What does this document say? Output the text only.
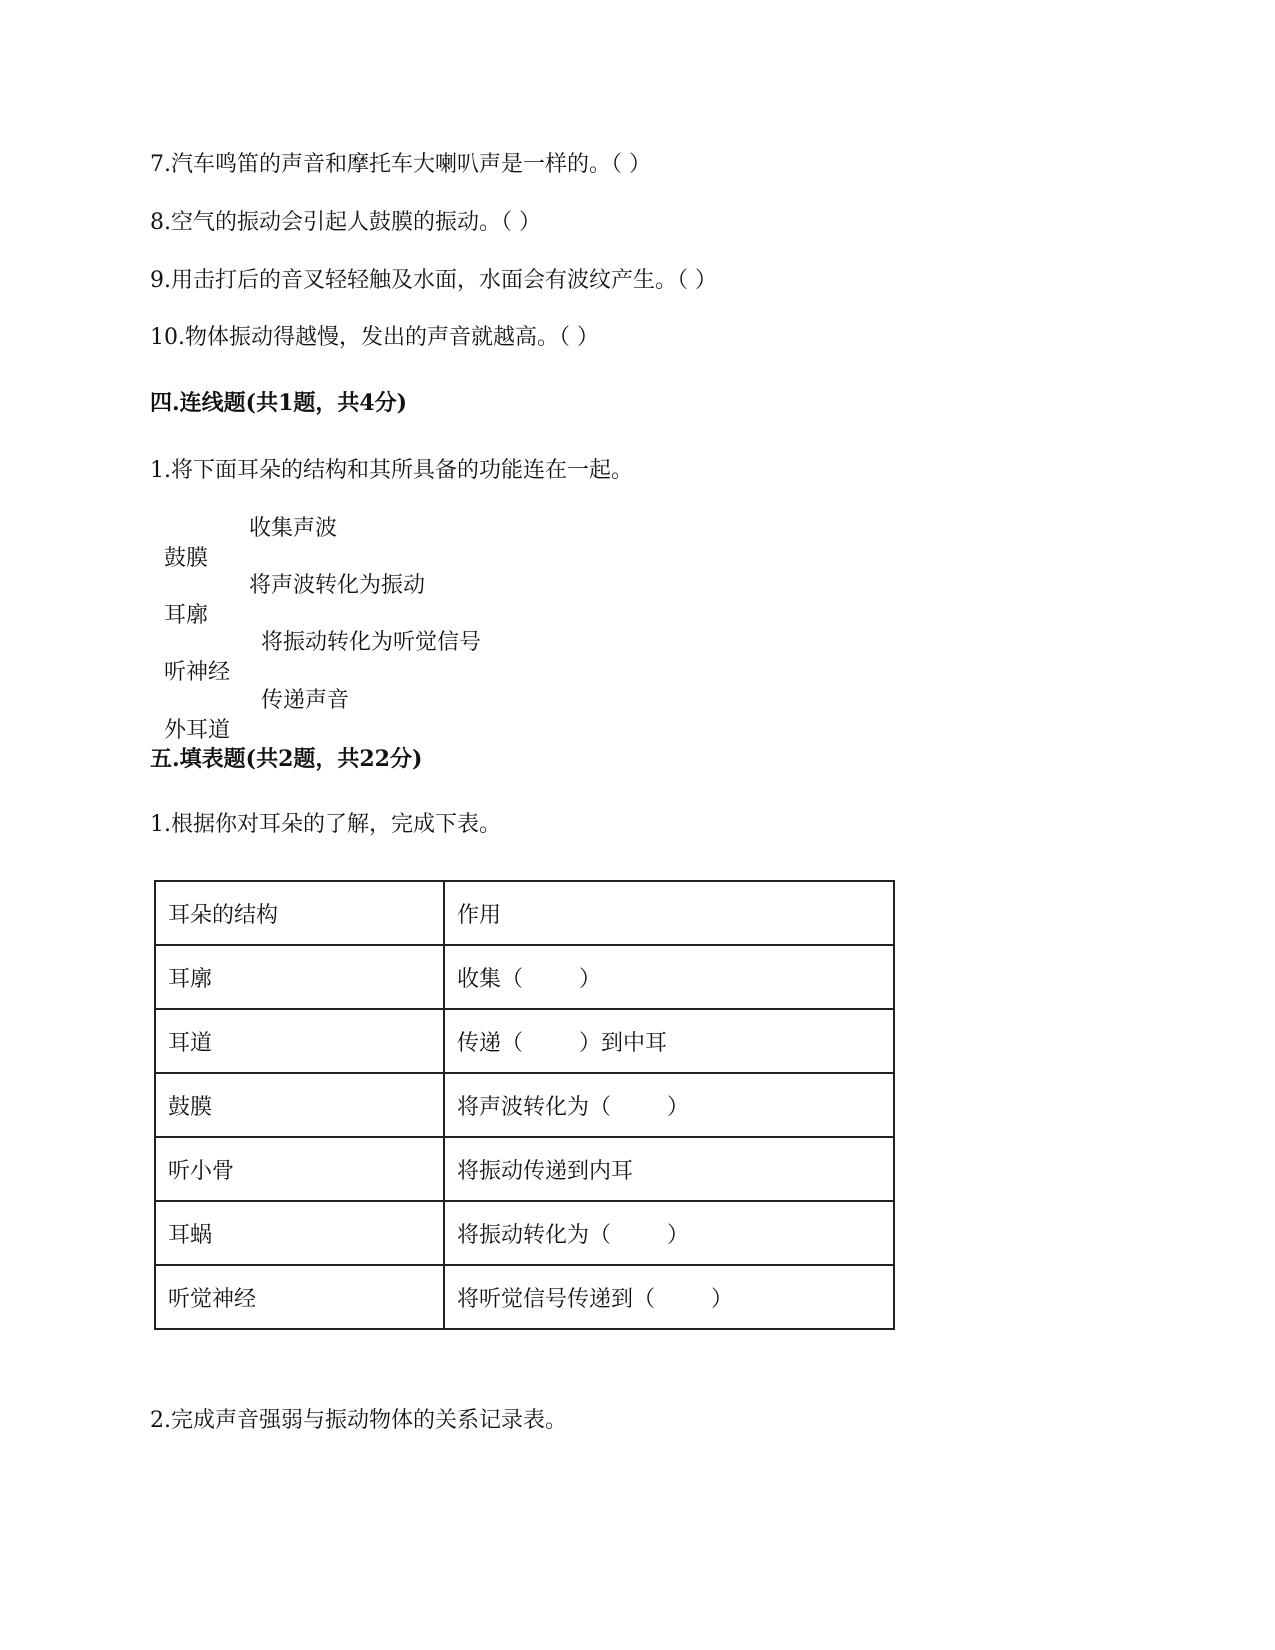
7.汽车鸣笛的声音和摩托车大喇叭声是一样的。（ ）
8.空气的振动会引起人鼓膜的振动。（ ）
9.用击打后的音叉轻轻触及水面，水面会有波纹产生。（ ）
10.物体振动得越慢，发出的声音就越高。（ ）
四.连线题(共1题，共4分)
1.将下面耳朵的结构和其所具备的功能连在一起。

鼓膜

收集声波

耳廓

将声波转化为振动

听神经

将振动转化为听觉信号

外耳道

传递声音

五.填表题(共2题，共22分)
1.根据你对耳朵的了解，完成下表。
耳朵的结构	作用
耳廓	收集（        ）
耳道	传递（        ）到中耳
鼓膜	将声波转化为（        ）
听小骨	将振动传递到内耳
耳蜗	将振动转化为（        ）
听觉神经	将听觉信号传递到（        ）
2.完成声音强弱与振动物体的关系记录表。
